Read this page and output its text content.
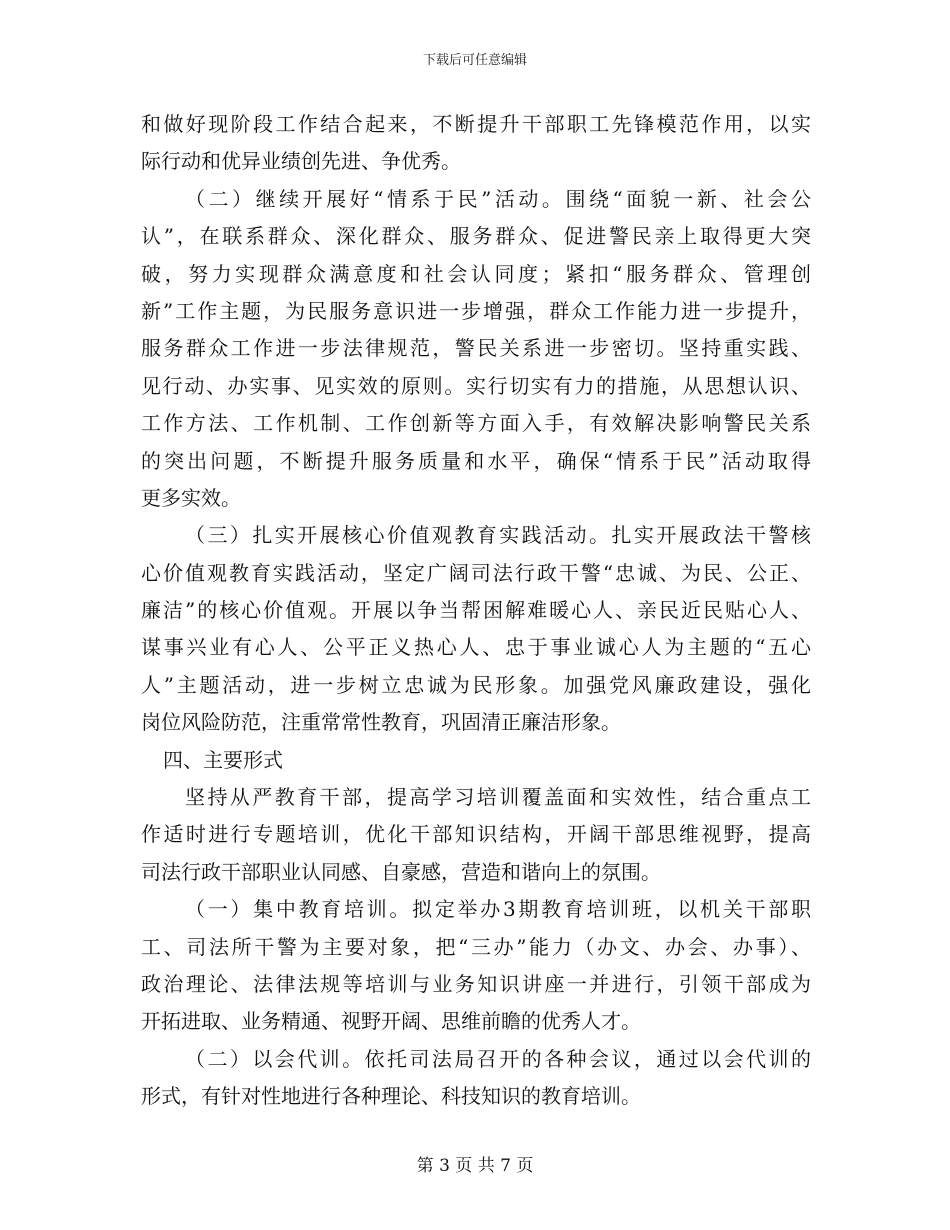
下载后可任意编辑
和做好现阶段工作结合起来，不断提升干部职工先锋模范作用，以实
际行动和优异业绩创先进、争优秀。
（二）继续开展好“情系于民”活动。围绕“面貌一新、社会公
认”，在联系群众、深化群众、服务群众、促进警民亲上取得更大突
破，努力实现群众满意度和社会认同度；紧扣“服务群众、管理创
新”工作主题，为民服务意识进一步增强，群众工作能力进一步提升，
服务群众工作进一步法律规范，警民关系进一步密切。坚持重实践、
见行动、办实事、见实效的原则。实行切实有力的措施，从思想认识、
工作方法、工作机制、工作创新等方面入手，有效解决影响警民关系
的突出问题，不断提升服务质量和水平，确保“情系于民”活动取得
更多实效。
（三）扎实开展核心价值观教育实践活动。扎实开展政法干警核
心价值观教育实践活动，坚定广阔司法行政干警“忠诚、为民、公正、
廉洁”的核心价值观。开展以争当帮困解难暖心人、亲民近民贴心人、
谋事兴业有心人、公平正义热心人、忠于事业诚心人为主题的“五心
人”主题活动，进一步树立忠诚为民形象。加强党风廉政建设，强化
岗位风险防范，注重常常性教育，巩固清正廉洁形象。
四、主要形式
坚持从严教育干部，提高学习培训覆盖面和实效性，结合重点工
作适时进行专题培训，优化干部知识结构，开阔干部思维视野，提高
司法行政干部职业认同感、自豪感，营造和谐向上的氛围。
（一）集中教育培训。拟定举办3期教育培训班，以机关干部职
工、司法所干警为主要对象，把“三办”能力（办文、办会、办事）、
政治理论、法律法规等培训与业务知识讲座一并进行，引领干部成为
开拓进取、业务精通、视野开阔、思维前瞻的优秀人才。
（二）以会代训。依托司法局召开的各种会议，通过以会代训的
形式，有针对性地进行各种理论、科技知识的教育培训。
第 3 页 共 7 页
